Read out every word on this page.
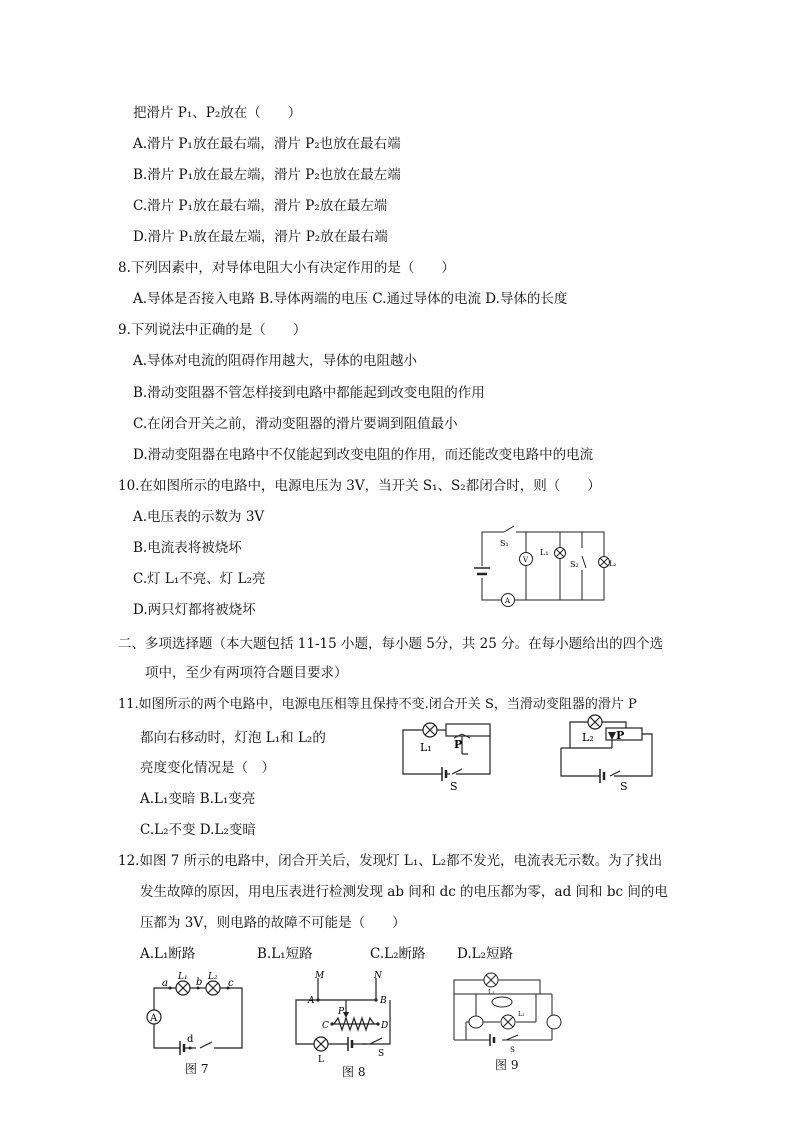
把滑片 P₁、P₂放在（　　）
A.滑片 P₁放在最右端，滑片 P₂也放在最右端
B.滑片 P₁放在最左端，滑片 P₂也放在最左端
C.滑片 P₁放在最右端，滑片 P₂放在最左端
D.滑片 P₁放在最左端，滑片 P₂放在最右端
8.下列因素中，对导体电阻大小有决定作用的是（　　）
A.导体是否接入电路 B.导体两端的电压 C.通过导体的电流 D.导体的长度
9.下列说法中正确的是（　　）
A.导体对电流的阻碍作用越大，导体的电阻越小
B.滑动变阻器不管怎样接到电路中都能起到改变电阻的作用
C.在闭合开关之前，滑动变阻器的滑片要调到阻值最小
D.滑动变阻器在电路中不仅能起到改变电阻的作用，而还能改变电路中的电流
10.在如图所示的电路中，电源电压为 3V，当开关 S₁、S₂都闭合时，则（　　）
A.电压表的示数为 3V
B.电流表将被烧坏
C.灯 L₁不亮、灯 L₂亮
D.两只灯都将被烧坏
S₁
V
A
L₁
S₂	L₂
二、多项选择题（本大题包括 11-15 小题，每小题 5分，共 25 分。在每小题给出的四个选
项中，至少有两项符合题目要求）
11.如图所示的两个电路中，电源电压相等且保持不变.闭合开关 S，当滑动变阻器的滑片 P
都向右移动时，灯泡 L₁和 L₂的
亮度变化情况是（　）
A.L₁变暗 B.L₁变亮
C.L₂不变 D.L₂变暗
L₁ P
S
L₂ P
S
12.如图 7 所示的电路中，闭合开关后，发现灯 L₁、L₂都不发光，电流表无示数。为了找出
发生故障的原因，用电压表进行检测发现 ab 间和 dc 的电压都为零，ad 间和 bc 间的电
压都为 3V，则电路的故障不可能是（　　）
A.L₁断路	B.L₁短路	C.L₂断路 D.L₂短路
a
L₁ b L₂
c
d
A
图 7
M	N
A	B
P
C	D
L
S
图 8
L₁
L₂
S
图 9
